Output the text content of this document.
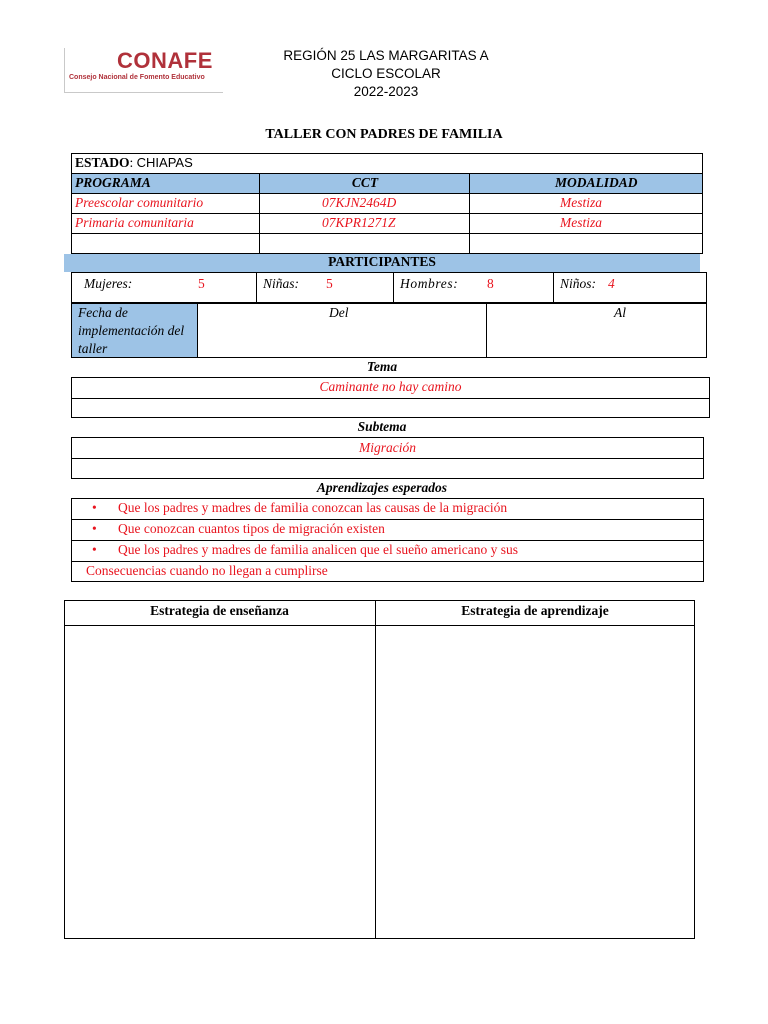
CONAFE
Consejo Nacional de Fomento Educativo
REGIÓN 25 LAS MARGARITAS A
CICLO ESCOLAR
2022-2023
TALLER CON PADRES DE FAMILIA
ESTADO: CHIAPAS
PROGRAMA	CCT	MODALIDAD
Preescolar comunitario	07KJN2464D	Mestiza
Primaria comunitaria	07KPR1271Z	Mestiza
PARTICIPANTES
Mujeres:	5	Niñas: 5	Hombres: 8	Niños: 4
Fecha de implementación del taller
Del	Al
Tema
Caminante no hay camino
Subtema
Migración
Aprendizajes esperados
• Que los padres y madres de familia conozcan las causas de la migración
• Que conozcan cuantos tipos de migración existen
• Que los padres y madres de familia analicen que el sueño americano y sus
Consecuencias cuando no llegan a cumplirse
Estrategia de enseñanza	Estrategia de aprendizaje
